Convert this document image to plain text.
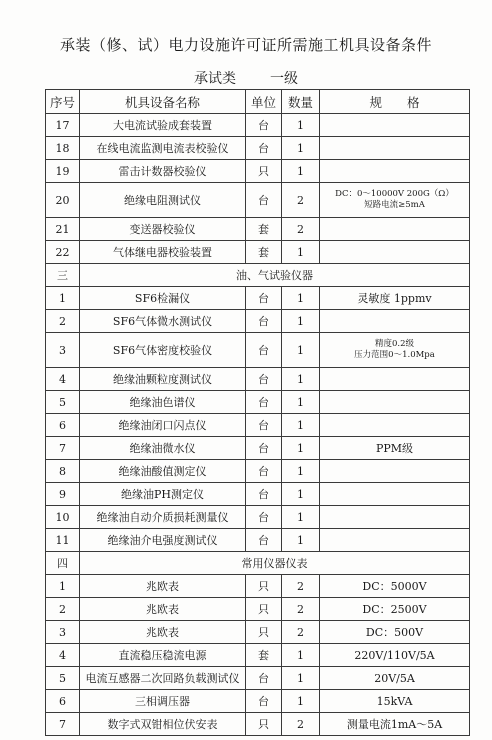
承装（修、试）电力设施许可证所需施工机具设备条件
承试类 一级
序号	机具设备名称	单位	数量	规　　格
17	大电流试验成套装置	台	1	
18	在线电流监测电流表校验仪	台	1	
19	雷击计数器校验仪	只	1	
20	绝缘电阻测试仪	台	2	DC：0～10000V 200G（Ω）
短路电流≥5mA

21	变送器校验仪	套	2	
22	气体继电器校验装置	套	1	
三	油、气试验仪器			
1	SF6检漏仪	台	1	灵敏度 1ppmv
2	SF6气体微水测试仪	台	1	
3	SF6气体密度校验仪	台	1	精度0.2级
压力范围0～1.0Mpa

4	绝缘油颗粒度测试仪	台	1	
5	绝缘油色谱仪	台	1	
6	绝缘油闭口闪点仪	台	1	
7	绝缘油微水仪	台	1	PPM级
8	绝缘油酸值测定仪	台	1	
9	绝缘油PH测定仪	台	1	
10	绝缘油自动介质损耗测量仪	台	1	
11	绝缘油介电强度测试仪	台	1	
四	常用仪器仪表			
1	兆欧表	只	2	DC：5000V
2	兆欧表	只	2	DC：2500V
3	兆欧表	只	2	DC：500V
4	直流稳压稳流电源	套	1	220V/110V/5A
5	电流互感器二次回路负载测试仪	台	1	20V/5A
6	三相调压器	台	1	15kVA
7	数字式双钳相位伏安表	只	2	测量电流1mA～5A
